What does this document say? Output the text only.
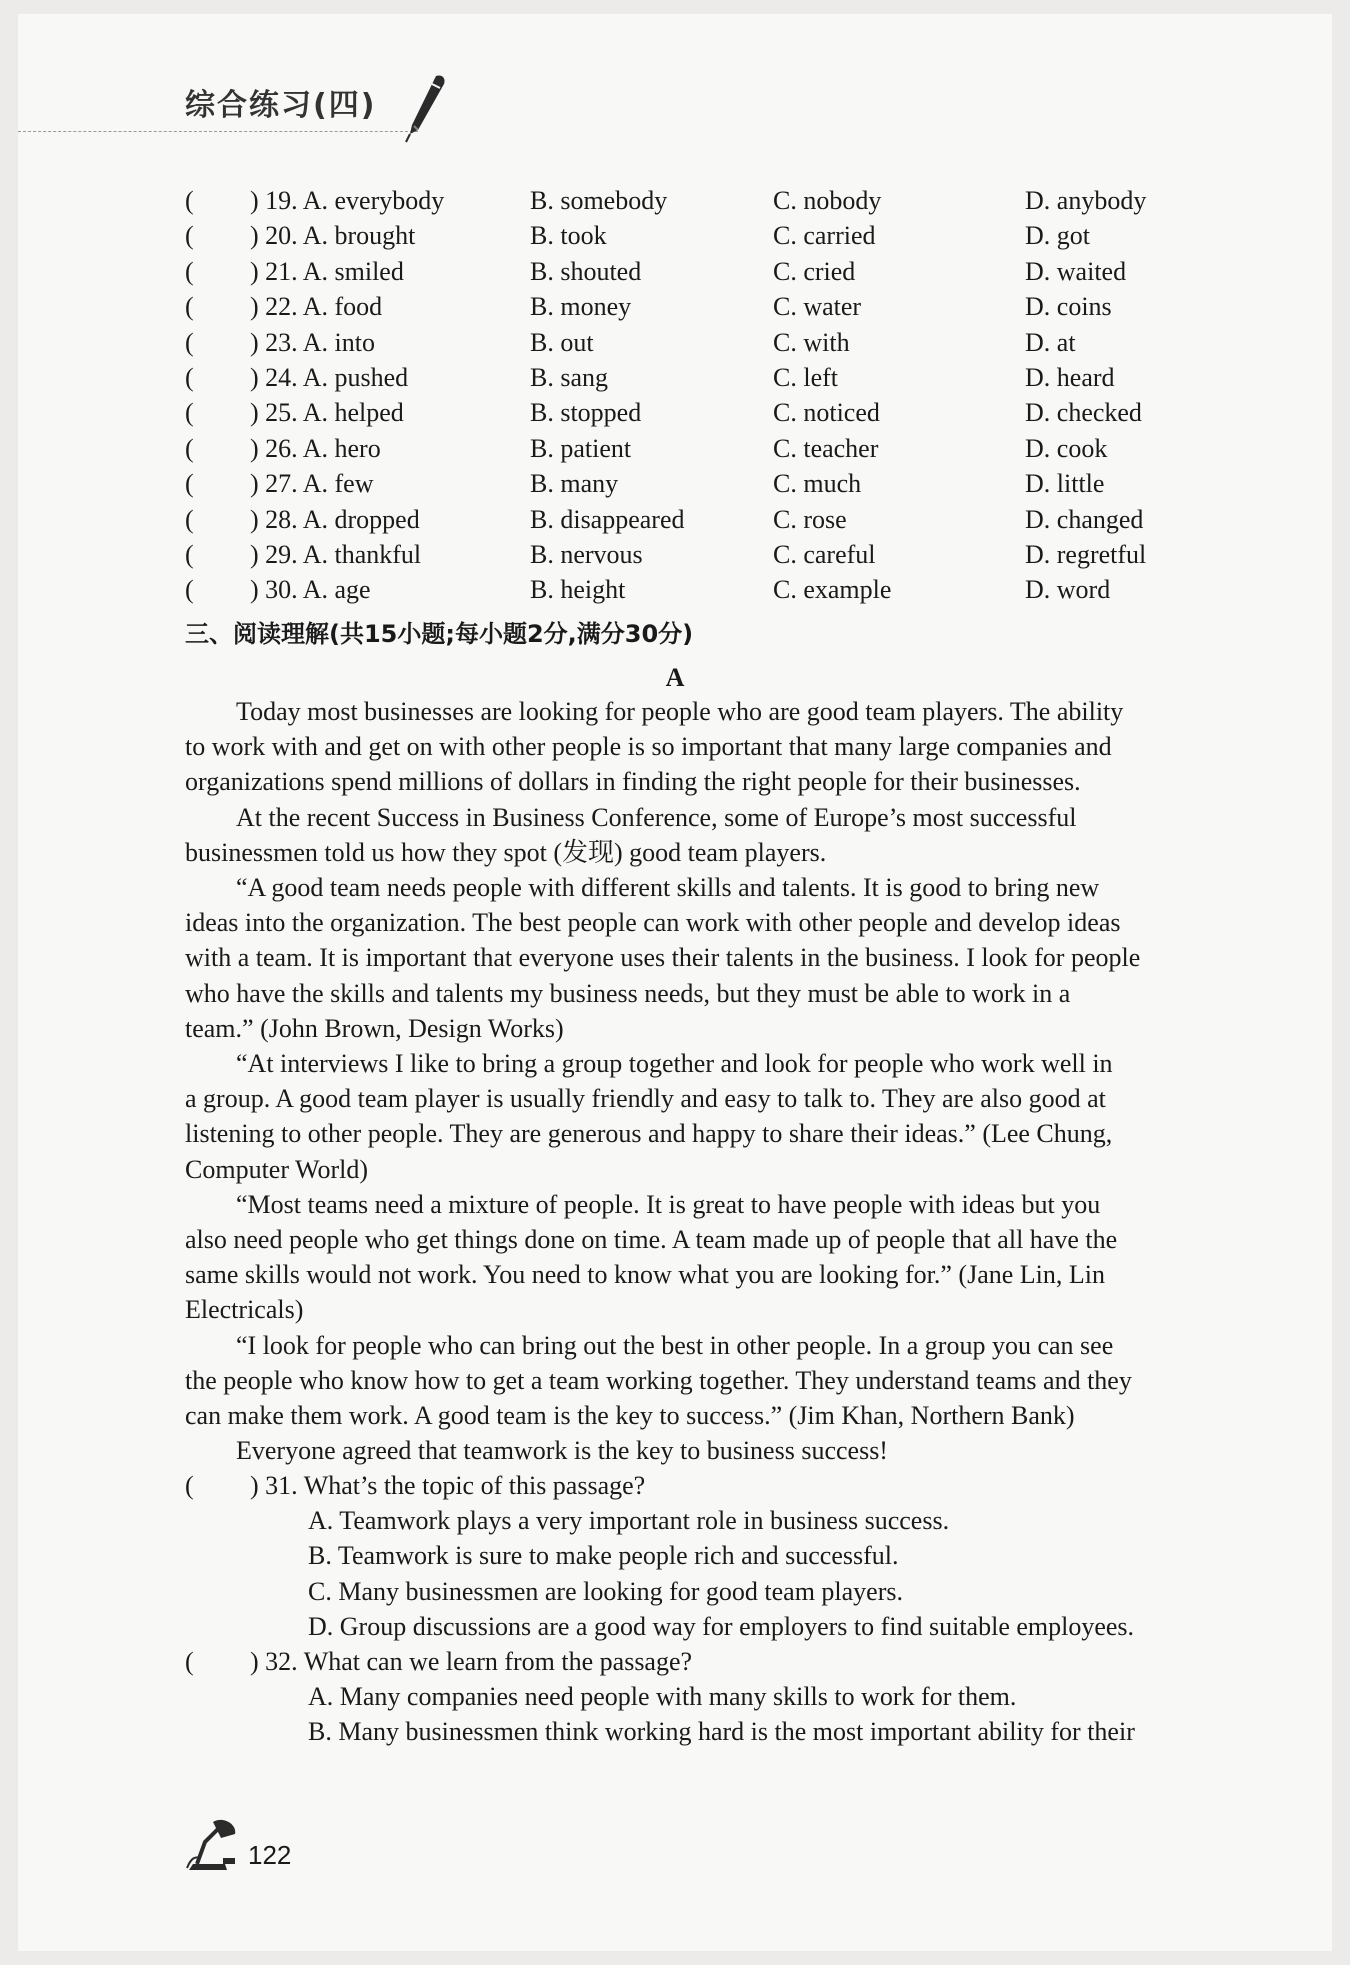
综合练习(四)
( ) 19. A. everybody	B. somebody	C. nobody	D. anybody
( ) 20. A. brought	B. took	C. carried	D. got
( ) 21. A. smiled	B. shouted	C. cried	D. waited
( ) 22. A. food	B. money	C. water	D. coins
( ) 23. A. into	B. out	C. with	D. at
( ) 24. A. pushed	B. sang	C. left	D. heard
( ) 25. A. helped	B. stopped	C. noticed	D. checked
( ) 26. A. hero	B. patient	C. teacher	D. cook
( ) 27. A. few	B. many	C. much	D. little
( ) 28. A. dropped	B. disappeared	C. rose	D. changed
( ) 29. A. thankful	B. nervous	C. careful	D. regretful
( ) 30. A. age	B. height	C. example	D. word
三、阅读理解(共15小题;每小题2分,满分30分)
A
Today most businesses are looking for people who are good team players. The ability
to work with and get on with other people is so important that many large companies and
organizations spend millions of dollars in finding the right people for their businesses.
At the recent Success in Business Conference, some of Europe’s most successful
businessmen told us how they spot (发现) good team players.
“A good team needs people with different skills and talents. It is good to bring new
ideas into the organization. The best people can work with other people and develop ideas
with a team. It is important that everyone uses their talents in the business. I look for people
who have the skills and talents my business needs, but they must be able to work in a
team.” (John Brown, Design Works)
“At interviews I like to bring a group together and look for people who work well in
a group. A good team player is usually friendly and easy to talk to. They are also good at
listening to other people. They are generous and happy to share their ideas.” (Lee Chung,
Computer World)
“Most teams need a mixture of people. It is great to have people with ideas but you
also need people who get things done on time. A team made up of people that all have the
same skills would not work. You need to know what you are looking for.” (Jane Lin, Lin
Electricals)
“I look for people who can bring out the best in other people. In a group you can see
the people who know how to get a team working together. They understand teams and they
can make them work. A good team is the key to success.” (Jim Khan, Northern Bank)
Everyone agreed that teamwork is the key to business success!
( ) 31. What’s the topic of this passage?
A. Teamwork plays a very important role in business success.
B. Teamwork is sure to make people rich and successful.
C. Many businessmen are looking for good team players.
D. Group discussions are a good way for employers to find suitable employees.
( ) 32. What can we learn from the passage?
A. Many companies need people with many skills to work for them.
B. Many businessmen think working hard is the most important ability for their
122
